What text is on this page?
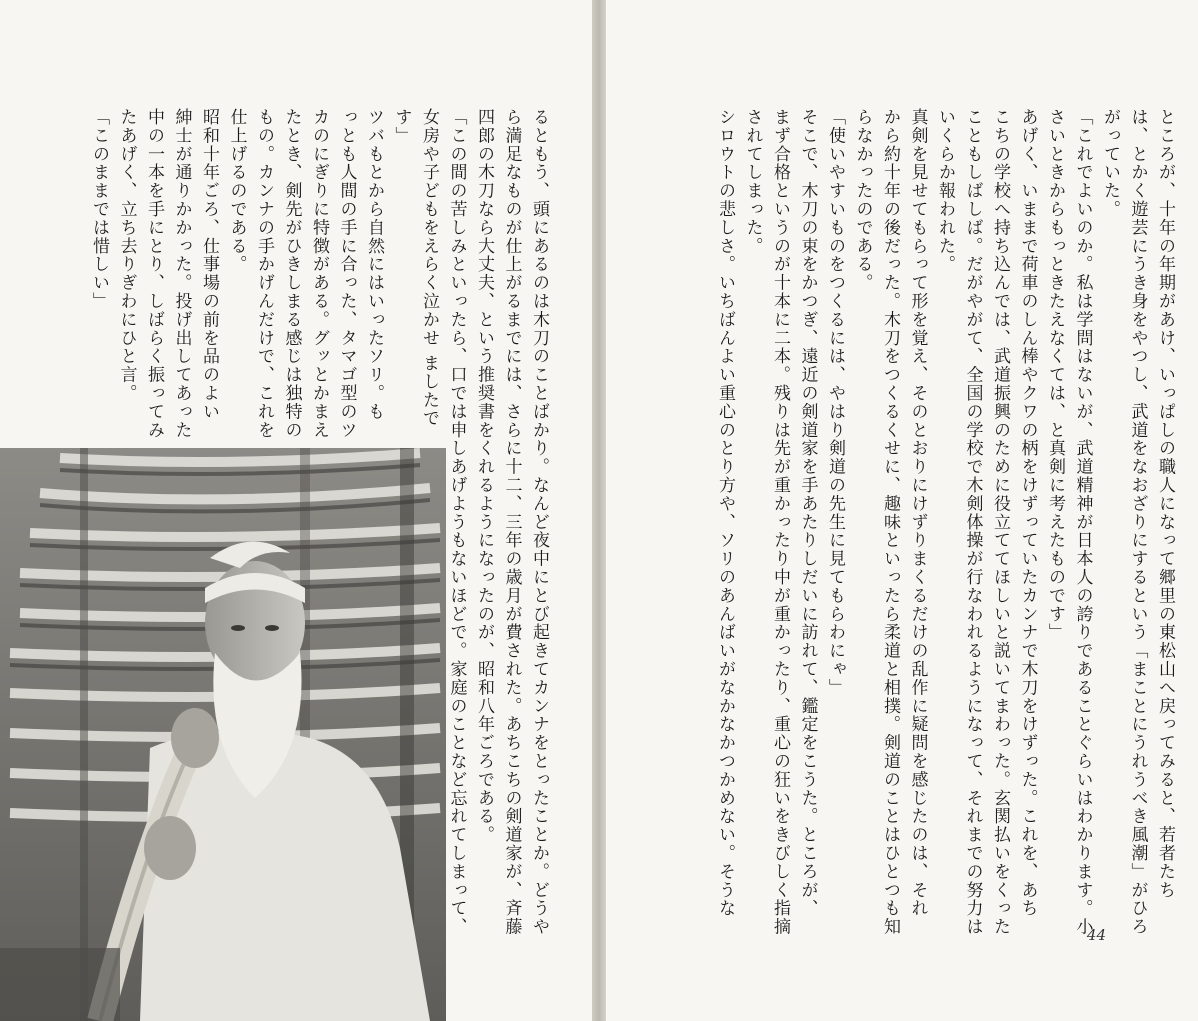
るともう、頭にあるのは木刀のことばかり。なんど夜中にとび起きてカンナをとったことか。どうや

ら満足なものが仕上がるまでには、さらに十二、三年の歳月が費された。あちこちの剣道家が、斉藤

四郎の木刀なら大丈夫、という推奨書をくれるようになったのが、昭和八年ごろである。

「この間の苦しみといったら、口では申しあげようもないほどで。家庭のことなど忘れてしまって、

女房や子どもをえらく泣かせ ましたで

す」

ツバもとから自然にはいったソリ。も

っとも人間の手に合った、タマゴ型のツ

カのにぎりに特徴がある。グッとかまえ

たとき、剣先がひきしまる感じは独特の

もの。カンナの手かげんだけで、これを

仕上げるのである。

昭和十年ごろ、仕事場の前を品のよい

紳士が通りかかった。投げ出してあった

中の一本を手にとり、しばらく振ってみ

たあげく、立ち去りぎわにひと言。

「このままでは惜しい」	ところが、十年の年期があけ、いっぱしの職人になって郷里の東松山へ戻ってみると、若者たち

は、とかく遊芸にうき身をやつし、武道をなおざりにするという「まことにうれうべき風潮」がひろ

がっていた。

「これでよいのか。私は学問はないが、武道精神が日本人の誇りであることぐらいはわかります。小

さいときからもっときたえなくては、と真剣に考えたものです」

あげく、いままで荷車のしん棒やクワの柄をけずっていたカンナで木刀をけずった。これを、あち

こちの学校へ持ち込んでは、武道振興のために役立ててほしいと説いてまわった。玄関払いをくった

こともしばしば。だがやがて、全国の学校で木剣体操が行なわれるようになって、それまでの努力は

いくらか報われた。

真剣を見せてもらって形を覚え、そのとおりにけずりまくるだけの乱作に疑問を感じたのは、それ

から約十年の後だった。木刀をつくるくせに、趣味といったら柔道と相撲。剣道のことはひとつも知

らなかったのである。

「使いやすいものをつくるには、やはり剣道の先生に見てもらわにゃ」

そこで、木刀の束をかつぎ、遠近の剣道家を手あたりしだいに訪れて、鑑定をこうた。ところが、

まず合格というのが十本に二本。残りは先が重かったり中が重かったり、重心の狂いをきびしく指摘

されてしまった。

シロウトの悲しさ。いちばんよい重心のとり方や、ソリのあんばいがなかなかつかめない。そうな

44
